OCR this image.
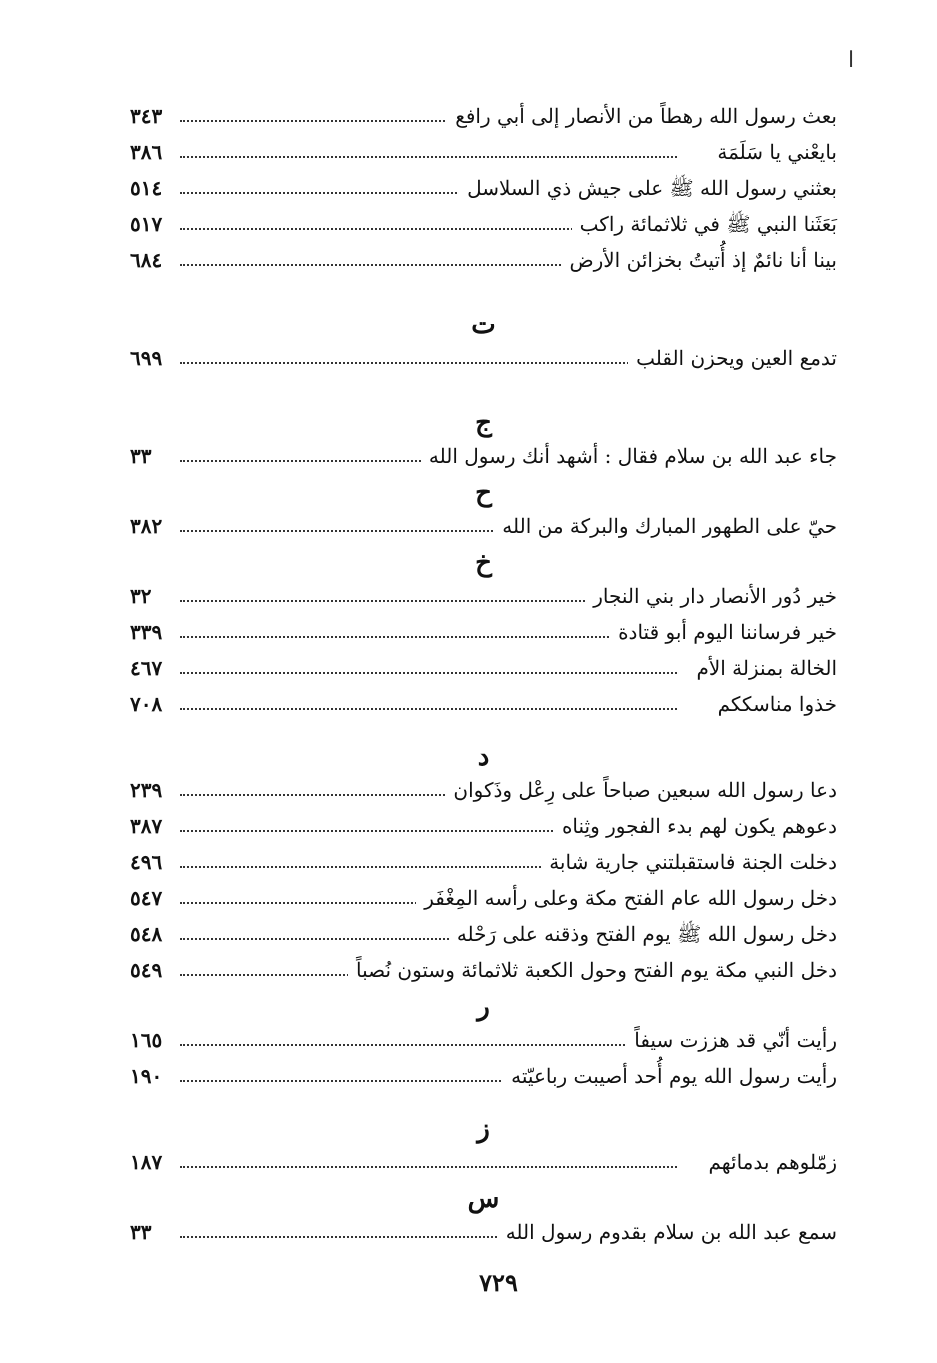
ا
بعث رسول الله رهطاً من الأنصار إلى أبي رافع
٣٤٣
بايعْني يا سَلَمَة
٣٨٦
بعثني رسول الله ﷺ على جيش ذي السلاسل
٥١٤
بَعَثَنا النبي ﷺ في ثلاثمائة راكب
٥١٧
بينا أنا نائمٌ إذ أُتيتُ بخزائن الأرض
٦٨٤
ت
تدمع العين ويحزن القلب
٦٩٩
ج
جاء عبد الله بن سلام فقال : أشهد أنك رسول الله
٣٣
ح
حيّ على الطهور المبارك والبركة من الله
٣٨٢
خ
خير دُور الأنصار دار بني النجار
٣٢
خير فرساننا اليوم أبو قتادة
٣٣٩
الخالة بمنزلة الأم
٤٦٧
خذوا مناسككم
٧٠٨
د
دعا رسول الله سبعين صباحاً على رِعْل وذَكوان
٢٣٩
دعوهم يكون لهم بدء الفجور وثِناه
٣٨٧
دخلت الجنة فاستقبلتني جارية شابة
٤٩٦
دخل رسول الله عام الفتح مكة وعلى رأسه المِغْفَر
٥٤٧
دخل رسول الله ﷺ يوم الفتح وذقنه على رَحْله
٥٤٨
دخل النبي مكة يوم الفتح وحول الكعبة ثلاثمائة وستون نُصباً
٥٤٩
ر
رأيت أنّي قد هززت سيفاً
١٦٥
رأيت رسول الله يوم أُحد أصيبت رباعيّته
١٩٠
ز
زمّلوهم بدمائهم
١٨٧
س
سمع عبد الله بن سلام بقدوم رسول الله
٣٣
٧٢٩
